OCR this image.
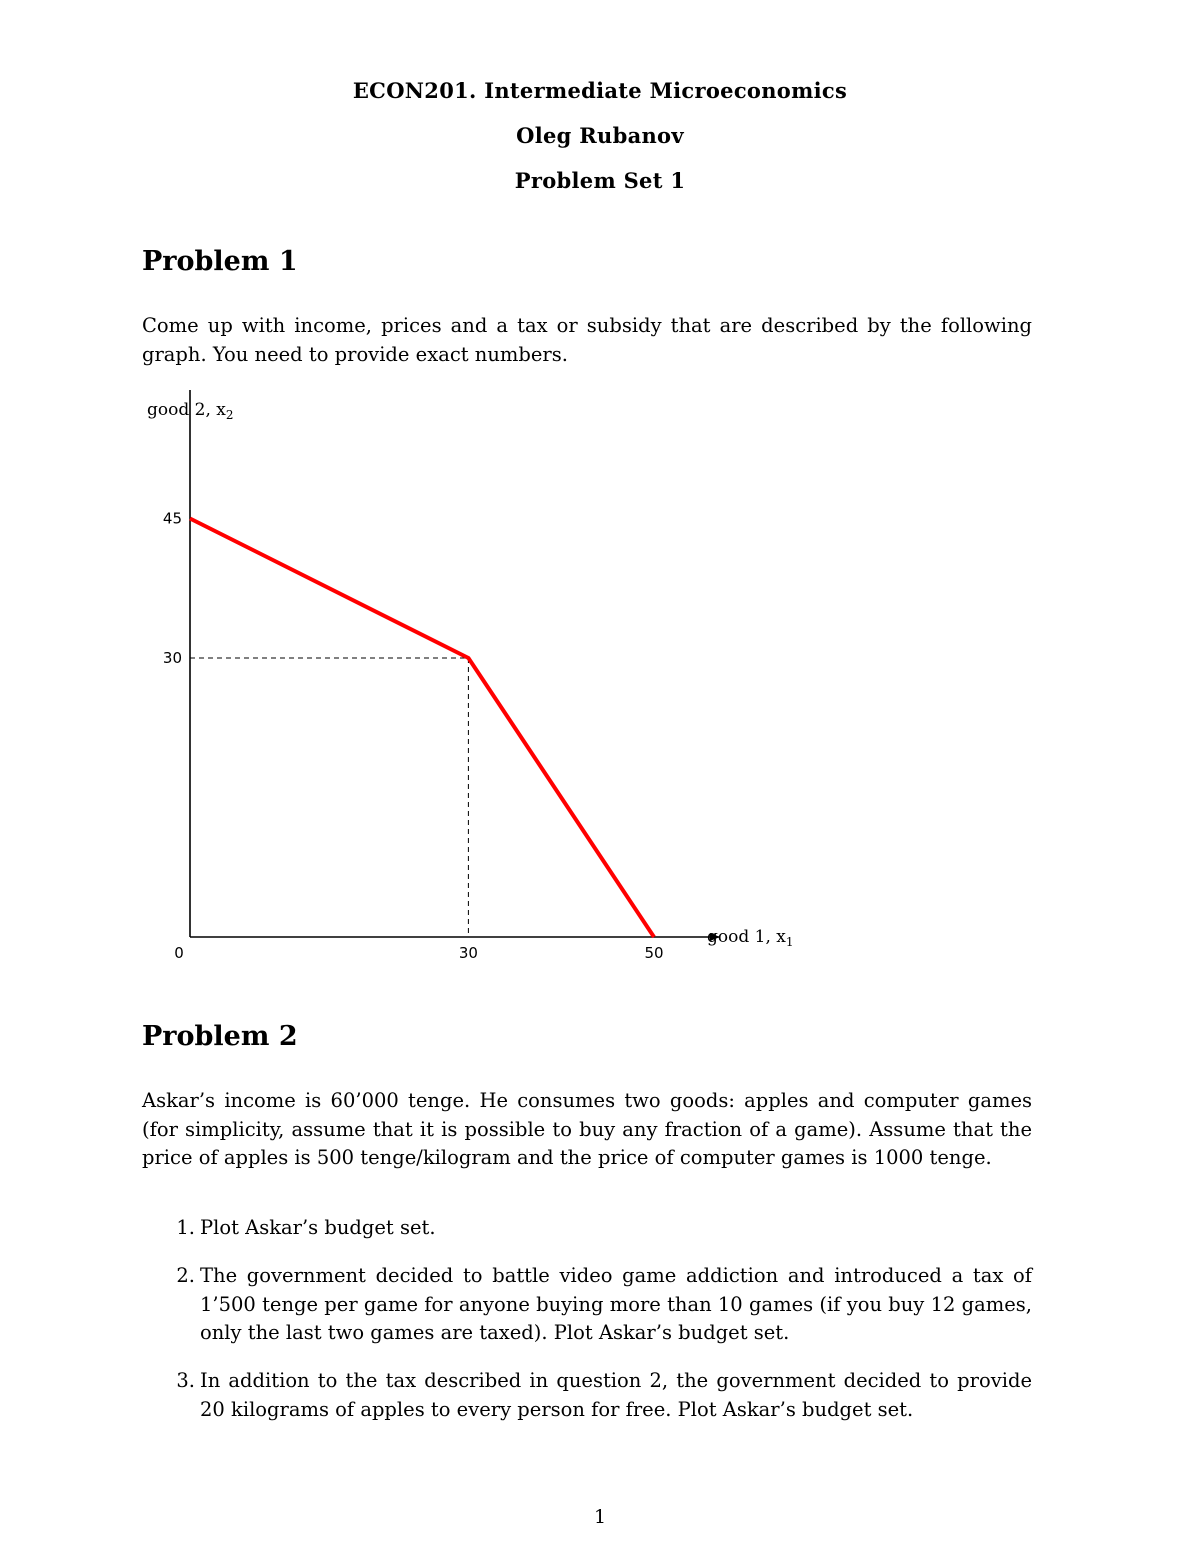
ECON201. Intermediate Microeconomics
Oleg Rubanov
Problem Set 1
Problem 1
Come up with income, prices and a tax or subsidy that are described by the following graph. You need to provide exact numbers.
0	30	50
45
30
good 2, $x_2$
good 1, $x_1$
Problem 2
Askar’s income is 60’000 tenge. He consumes two goods: apples and computer games (for simplicity, assume that it is possible to buy any fraction of a game). Assume that the price of apples is 500 tenge/kilogram and the price of computer games is 1000 tenge.
1. Plot Askar’s budget set.
2. The government decided to battle video game addiction and introduced a tax of 1’500 tenge per game for anyone buying more than 10 games (if you buy 12 games, only the last two games are taxed). Plot Askar’s budget set.
3. In addition to the tax described in question 2, the government decided to provide 20 kilograms of apples to every person for free. Plot Askar’s budget set.
1
